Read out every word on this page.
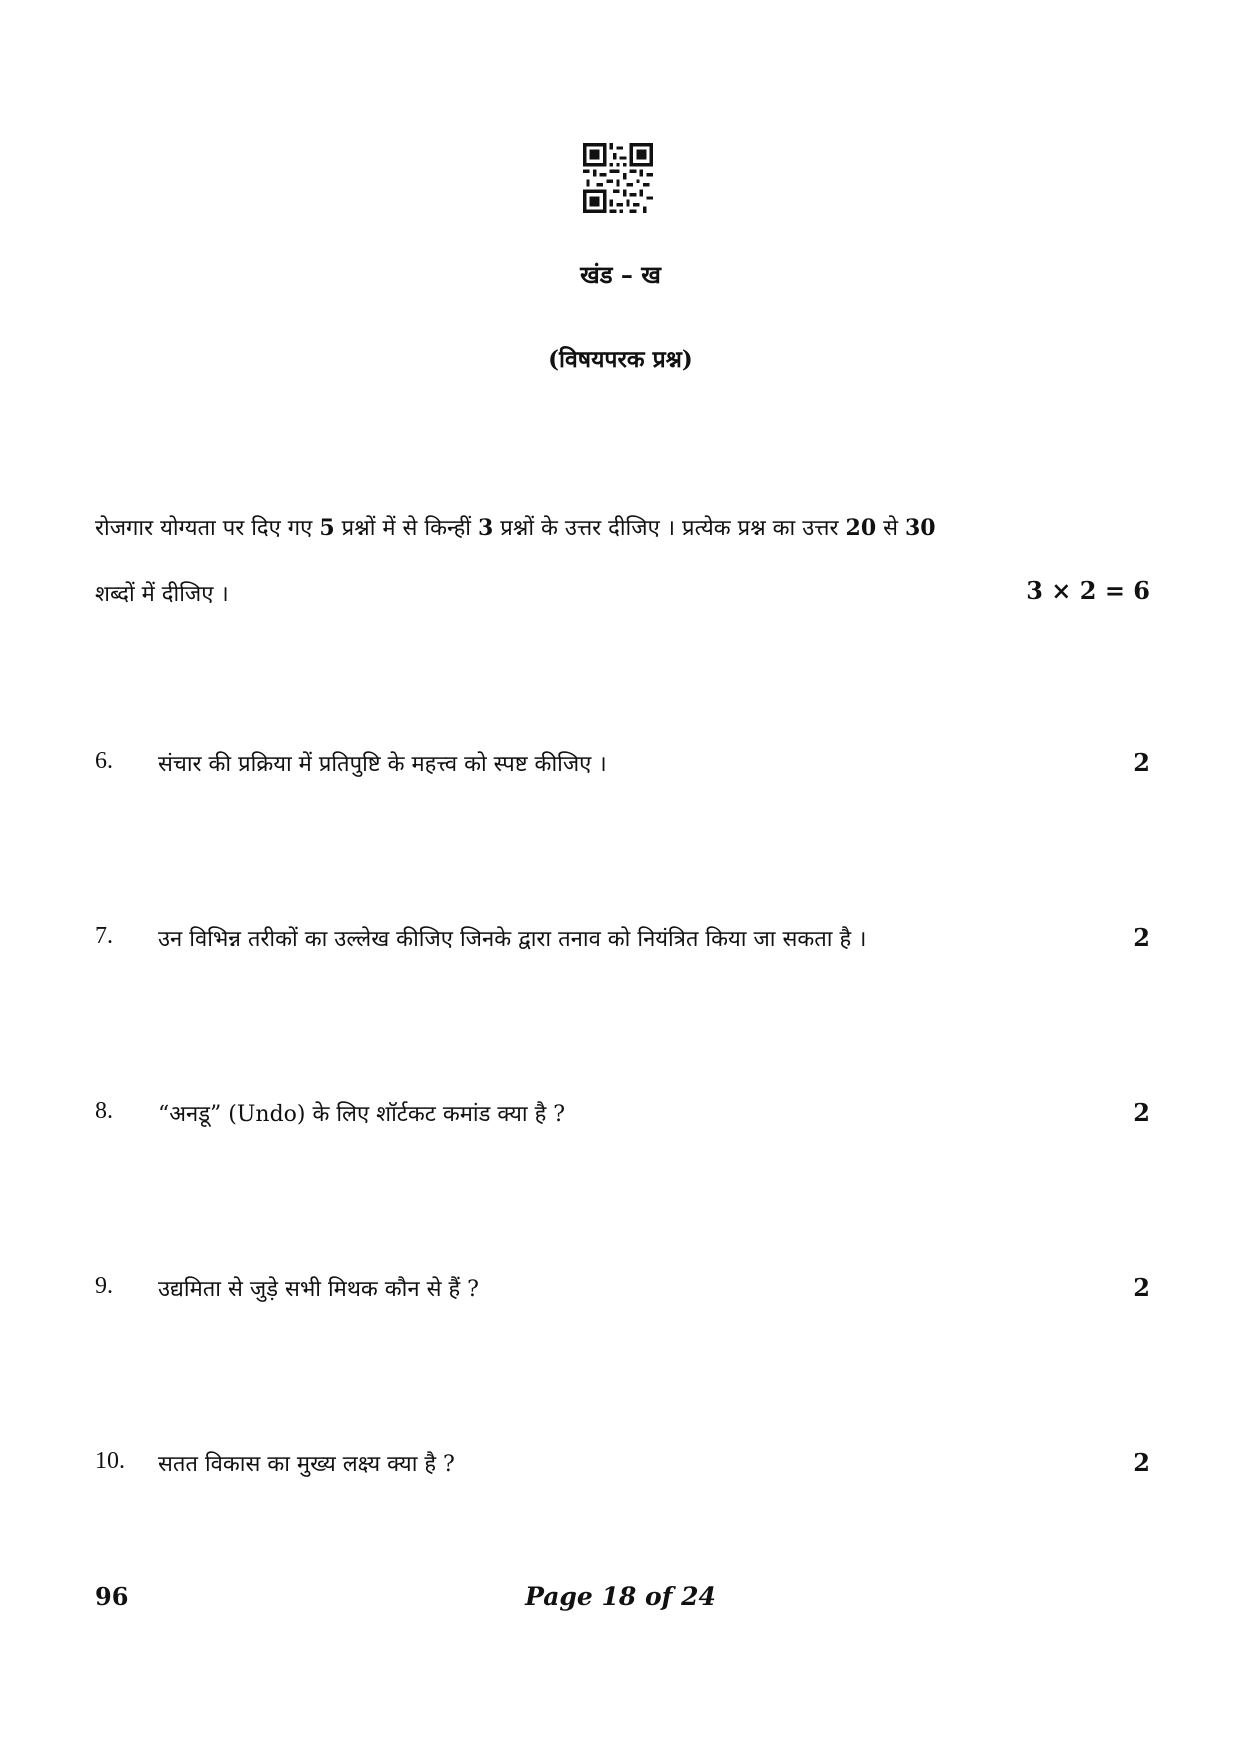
खंड – ख
(विषयपरक प्रश्न)
रोजगार योग्यता पर दिए गए 5 प्रश्नों में से किन्हीं 3 प्रश्नों के उत्तर दीजिए । प्रत्येक प्रश्न का उत्तर 20 से 30
शब्दों में दीजिए ।	3 × 2 = 6
6. संचार की प्रक्रिया में प्रतिपुष्टि के महत्त्व को स्पष्ट कीजिए ।	2
7. उन विभिन्न तरीकों का उल्लेख कीजिए जिनके द्वारा तनाव को नियंत्रित किया जा सकता है ।	2
8. “अनडू” (Undo) के लिए शॉर्टकट कमांड क्या है ?	2
9. उद्यमिता से जुड़े सभी मिथक कौन से हैं ?	2
10. सतत विकास का मुख्य लक्ष्य क्या है ?	2
96	Page 18 of 24
